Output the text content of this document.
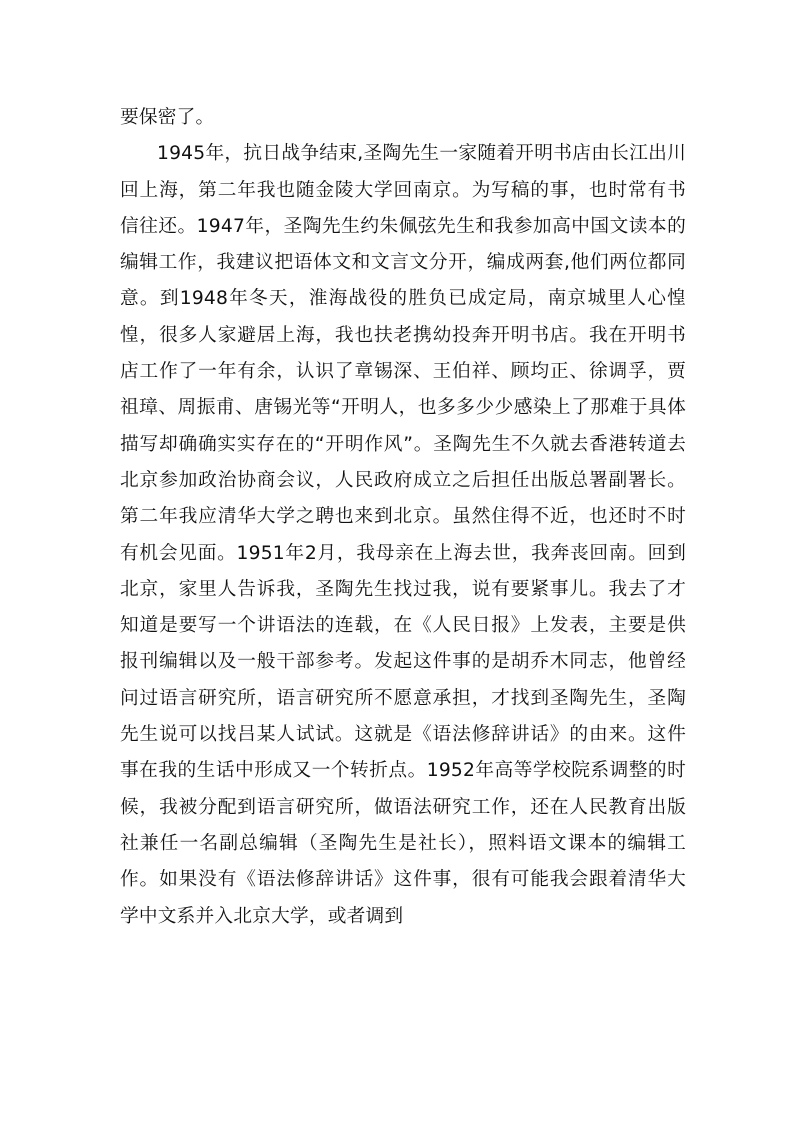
要保密了。

1945年，抗日战争结束,圣陶先生一家随着开明书店由长江出川回上海，第二年我也随金陵大学回南京。为写稿的事，也时常有书信往还。1947年，圣陶先生约朱佩弦先生和我参加高中国文读本的编辑工作，我建议把语体文和文言文分开，编成两套,他们两位都同意。到1948年冬天，淮海战役的胜负已成定局，南京城里人心惶惶，很多人家避居上海，我也扶老携幼投奔开明书店。我在开明书店工作了一年有余，认识了章锡深、王伯祥、顾均正、徐调孚，贾祖璋、周振甫、唐锡光等“开明人，也多多少少感染上了那难于具体描写却确确实实存在的“开明作风”。圣陶先生不久就去香港转道去北京参加政治协商会议，人民政府成立之后担任出版总署副署长。第二年我应清华大学之聘也来到北京。虽然住得不近，也还时不时有机会见面。1951年2月，我母亲在上海去世，我奔丧回南。回到北京，家里人告诉我，圣陶先生找过我，说有要紧事儿。我去了才知道是要写一个讲语法的连载，在《人民日报》上发表，主要是供报刊编辑以及一般干部参考。发起这件事的是胡乔木同志，他曾经问过语言研究所，语言研究所不愿意承担，才找到圣陶先生，圣陶先生说可以找吕某人试试。这就是《语法修辞讲话》的由来。这件事在我的生话中形成又一个转折点。1952年高等学校院系调整的时候，我被分配到语言研究所，做语法研究工作，还在人民教育出版社兼任一名副总编辑（圣陶先生是社长），照料语文课本的编辑工作。如果没有《语法修辞讲话》这件事，很有可能我会跟着清华大学中文系并入北京大学，或者调到
